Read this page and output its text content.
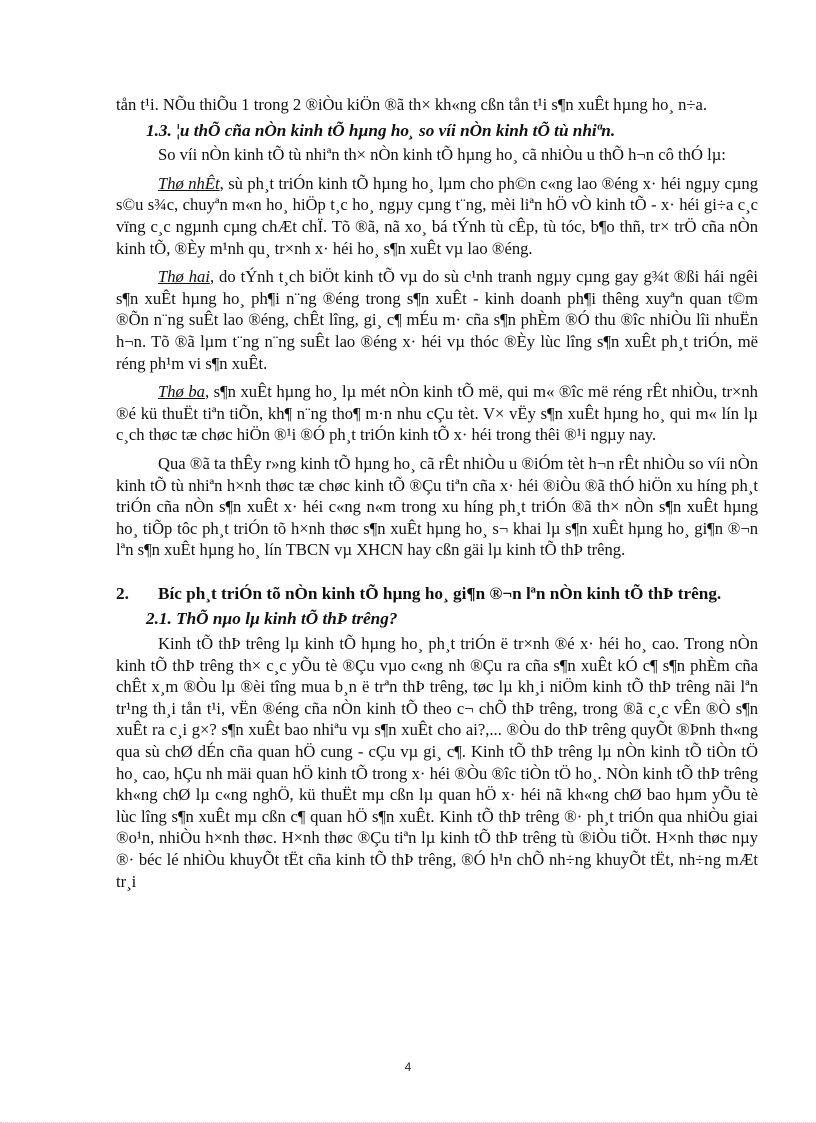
tån t¹i. NÕu thiÕu 1 trong 2 ®iÒu kiÖn ®ã th× kh«ng cßn tån t¹i s¶n xuÊt hµng ho¸ n÷a.

1.3. ¦u thÕ cña nÒn kinh tÕ hµng ho¸ so víi nÒn kinh tÕ tù nhiªn.

So víi nÒn kinh tÕ tù nhiªn th× nÒn kinh tÕ hµng ho¸ cã nhiÒu u thÕ h¬n cô thÓ lµ:

Thø nhÊt, sù ph¸t triÓn kinh tÕ hµng ho¸ lµm cho ph©n c«ng lao ®éng x· héi ngµy cµng s©u s¾c, chuyªn m«n ho¸ hiÖp t¸c ho¸ ngµy cµng t¨ng, mèi liªn hÖ vÒ kinh tÕ - x· héi gi÷a c¸c vïng c¸c ngµnh cµng chÆt chÏ. Tõ ®ã, nã xo¸ bá tÝnh tù cÊp, tù tóc, b¶o thñ, tr× trÖ cña nÒn kinh tÕ, ®Èy m¹nh qu¸ tr×nh x· héi ho¸ s¶n xuÊt vµ lao ®éng.

Thø hai, do tÝnh t¸ch biÖt kinh tÕ vµ do sù c¹nh tranh ngµy cµng gay g¾t ®ßi hái ngêi s¶n xuÊt hµng ho¸ ph¶i n¨ng ®éng trong s¶n xuÊt - kinh doanh ph¶i thêng xuyªn quan t©m ®Õn n¨ng suÊt lao ®éng, chÊt lîng, gi¸ c¶ mÉu m· cña s¶n phÈm ®Ó thu ®îc nhiÒu lîi nhuËn h¬n. Tõ ®ã lµm t¨ng n¨ng suÊt lao ®éng x· héi vµ thóc ®Èy lùc lîng s¶n xuÊt ph¸t triÓn, më réng ph¹m vi s¶n xuÊt.

Thø ba, s¶n xuÊt hµng ho¸ lµ mét nÒn kinh tÕ më, qui m« ®îc më réng rÊt nhiÒu, tr×nh ®é kü thuËt tiªn tiÕn, kh¶ n¨ng tho¶ m·n nhu cÇu tèt. V× vËy s¶n xuÊt hµng ho¸ qui m« lín lµ c¸ch thøc tæ chøc hiÖn ®¹i ®Ó ph¸t triÓn kinh tÕ x· héi trong thêi ®¹i ngµy nay.

Qua ®ã ta thÊy r»ng kinh tÕ hµng ho¸ cã rÊt nhiÒu u ®iÓm tèt h¬n rÊt nhiÒu so víi nÒn kinh tÕ tù nhiªn h×nh thøc tæ chøc kinh tÕ ®Çu tiªn cña x· héi ®iÒu ®ã thÓ hiÖn xu híng ph¸t triÓn cña nÒn s¶n xuÊt x· héi c«ng n«m trong xu híng ph¸t triÓn ®ã th× nÒn s¶n xuÊt hµng ho¸ tiÕp tôc ph¸t triÓn tõ h×nh thøc s¶n xuÊt hµng ho¸ s¬ khai lµ s¶n xuÊt hµng ho¸ gi¶n ®¬n lªn s¶n xuÊt hµng ho¸ lín TBCN vµ XHCN hay cßn gäi lµ kinh tÕ thÞ trêng.

2.	Bíc ph¸t triÓn tõ nÒn kinh tÕ hµng ho¸ gi¶n ®¬n lªn nÒn kinh tÕ thÞ trêng.

2.1. ThÕ nµo lµ kinh tÕ thÞ trêng?

Kinh tÕ thÞ trêng lµ kinh tÕ hµng ho¸ ph¸t triÓn ë tr×nh ®é x· héi ho¸ cao. Trong nÒn kinh tÕ thÞ trêng th× c¸c yÕu tè ®Çu vµo c«ng nh ®Çu ra cña s¶n xuÊt kÓ c¶ s¶n phÈm cña chÊt x¸m ®Òu lµ ®èi tîng mua b¸n ë trªn thÞ trêng, tøc lµ kh¸i niÖm kinh tÕ thÞ trêng nãi lªn tr¹ng th¸i tån t¹i, vËn ®éng cña nÒn kinh tÕ theo c¬ chÕ thÞ trêng, trong ®ã c¸c vÊn ®Ò s¶n xuÊt ra c¸i g×? s¶n xuÊt bao nhiªu vµ s¶n xuÊt cho ai?,... ®Òu do thÞ trêng quyÕt ®Þnh th«ng qua sù chØ dÉn cña quan hÖ cung - cÇu vµ gi¸ c¶. Kinh tÕ thÞ trêng lµ nÒn kinh tÕ tiÒn tÖ ho¸ cao, hÇu nh mäi quan hÖ kinh tÕ trong x· héi ®Òu ®îc tiÒn tÖ ho¸. NÒn kinh tÕ thÞ trêng kh«ng chØ lµ c«ng nghÖ, kü thuËt mµ cßn lµ quan hÖ x· héi nã kh«ng chØ bao hµm yÕu tè lùc lîng s¶n xuÊt mµ cßn c¶ quan hÖ s¶n xuÊt. Kinh tÕ thÞ trêng ®· ph¸t triÓn qua nhiÒu giai ®o¹n, nhiÒu h×nh thøc. H×nh thøc ®Çu tiªn lµ kinh tÕ thÞ trêng tù ®iÒu tiÕt. H×nh thøc nµy ®· béc lé nhiÒu khuyÕt tËt cña kinh tÕ thÞ trêng, ®Ó h¹n chÕ nh÷ng khuyÕt tËt, nh÷ng mÆt tr¸i

4
